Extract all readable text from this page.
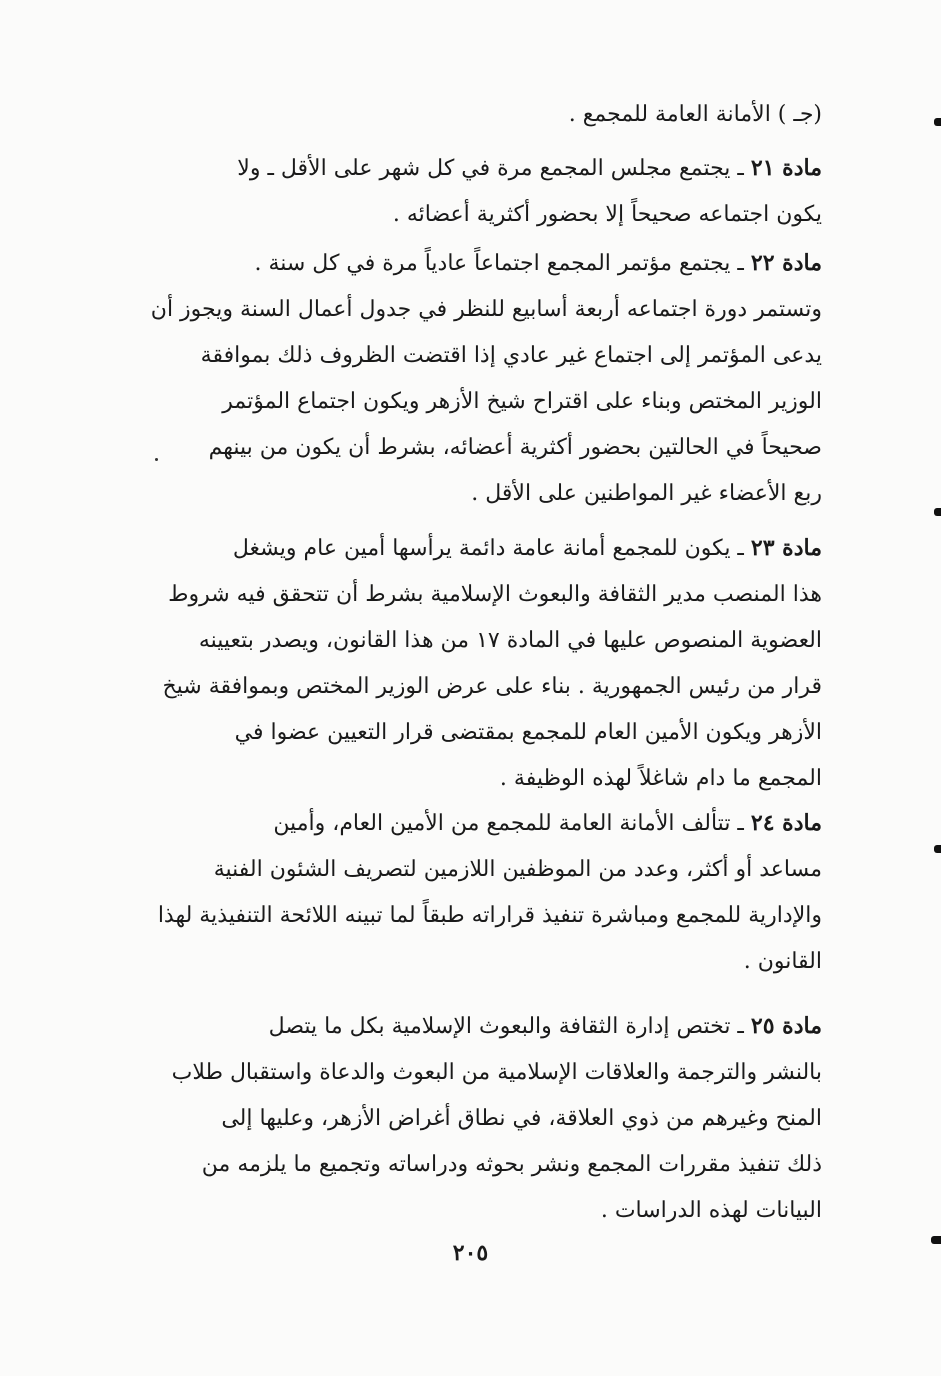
(جـ ) الأمانة العامة للمجمع .
مادة ٢١ ـ يجتمع مجلس المجمع مرة في كل شهر على الأقل ـ ولا
يكون اجتماعه صحيحاً إلا بحضور أكثرية أعضائه .
مادة ٢٢ ـ يجتمع مؤتمر المجمع اجتماعاً عادياً مرة في كل سنة .
وتستمر دورة اجتماعه أربعة أسابيع للنظر في جدول أعمال السنة ويجوز أن
يدعى المؤتمر إلى اجتماع غير عادي إذا اقتضت الظروف ذلك بموافقة
الوزير المختص وبناء على اقتراح شيخ الأزهر ويكون اجتماع المؤتمر
صحيحاً في الحالتين بحضور أكثرية أعضائه، بشرط أن يكون من بينهم
ربع الأعضاء غير المواطنين على الأقل .
مادة ٢٣ ـ يكون للمجمع أمانة عامة دائمة يرأسها أمين عام ويشغل
هذا المنصب مدير الثقافة والبعوث الإسلامية بشرط أن تتحقق فيه شروط
العضوية المنصوص عليها في المادة ١٧ من هذا القانون، ويصدر بتعيينه
قرار من رئيس الجمهورية . بناء على عرض الوزير المختص وبموافقة شيخ
الأزهر ويكون الأمين العام للمجمع بمقتضى قرار التعيين عضوا في
المجمع ما دام شاغلاً لهذه الوظيفة .
مادة ٢٤ ـ تتألف الأمانة العامة للمجمع من الأمين العام، وأمين
مساعد أو أكثر، وعدد من الموظفين اللازمين لتصريف الشئون الفنية
والإدارية للمجمع ومباشرة تنفيذ قراراته طبقاً لما تبينه اللائحة التنفيذية لهذا
القانون .
مادة ٢٥ ـ تختص إدارة الثقافة والبعوث الإسلامية بكل ما يتصل
بالنشر والترجمة والعلاقات الإسلامية من البعوث والدعاة واستقبال طلاب
المنح وغيرهم من ذوي العلاقة، في نطاق أغراض الأزهر، وعليها إلى
ذلك تنفيذ مقررات المجمع ونشر بحوثه ودراساته وتجميع ما يلزمه من
البيانات لهذه الدراسات .
٢٠٥
